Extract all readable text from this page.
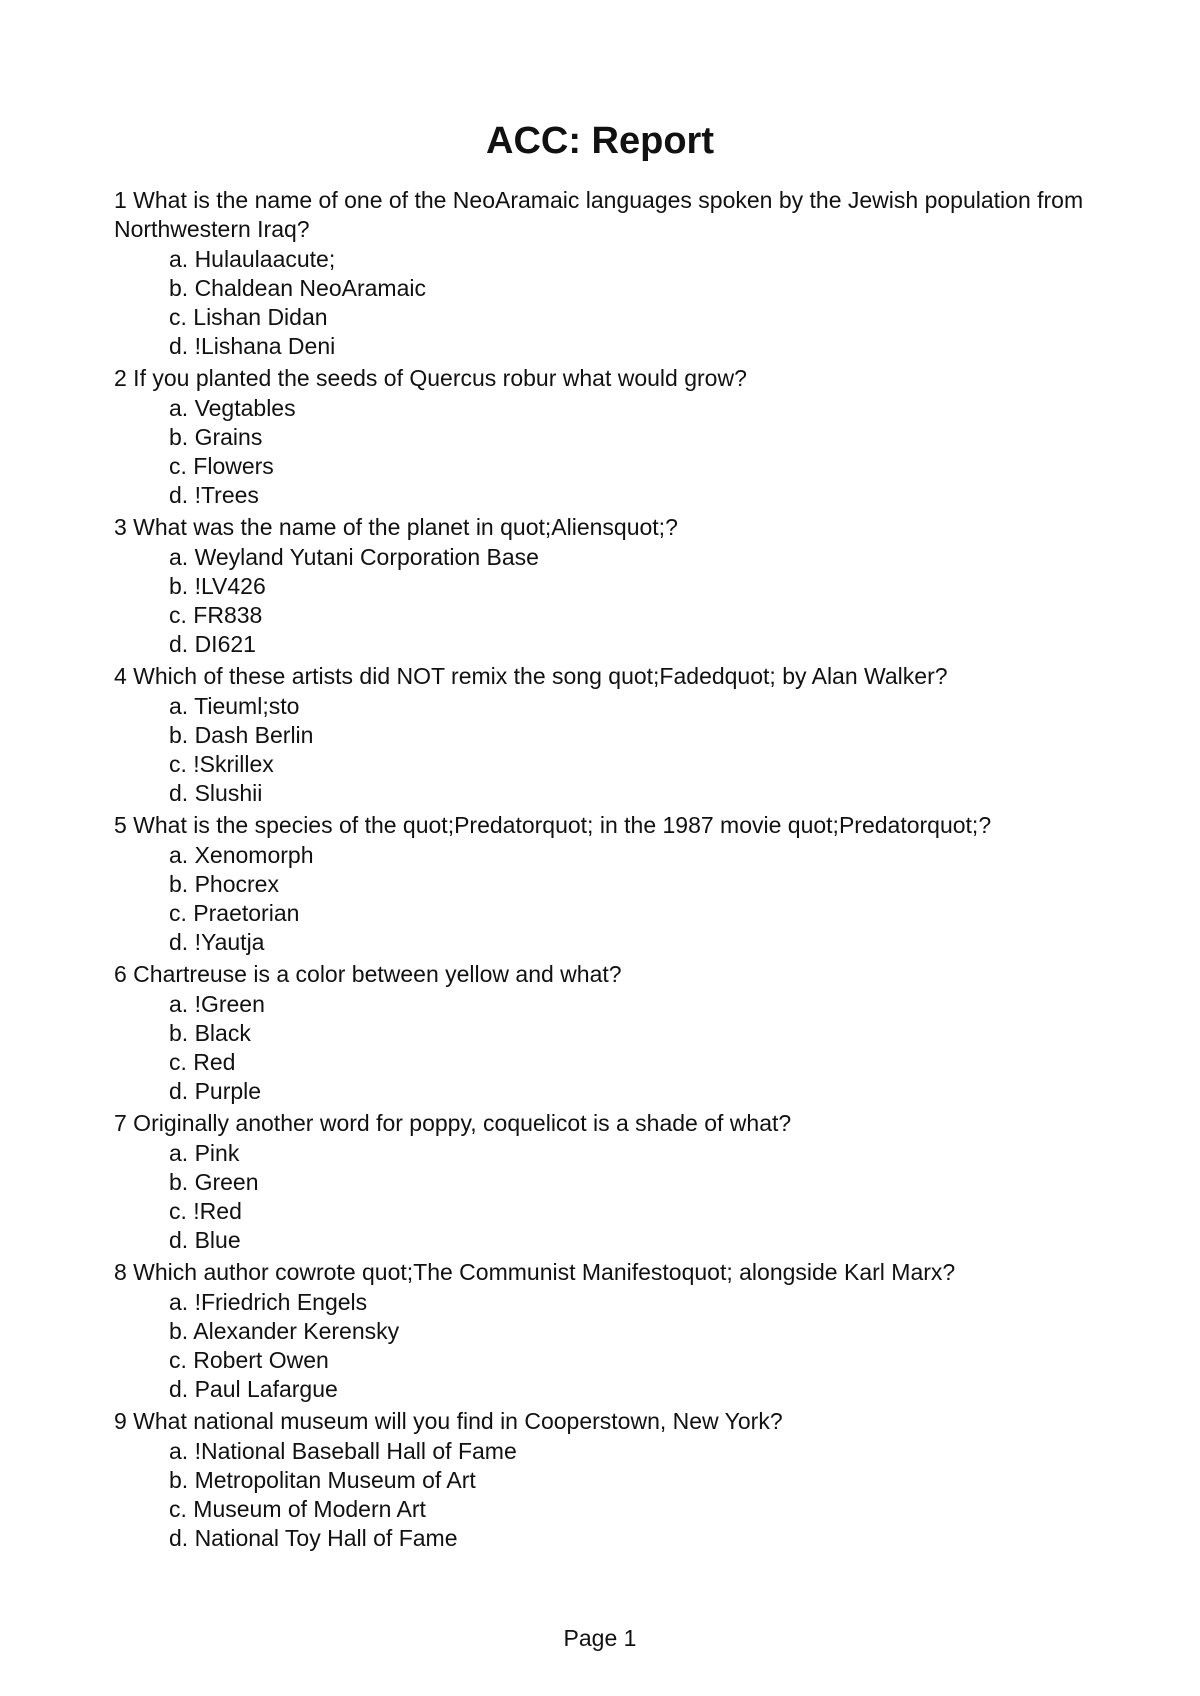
ACC: Report
1 What is the name of one of the NeoAramaic languages spoken by the Jewish population from Northwestern Iraq?
a. Hulaulaacute;
b. Chaldean NeoAramaic
c. Lishan Didan
d. !Lishana Deni
2 If you planted the seeds of Quercus robur what would grow?
a. Vegtables
b. Grains
c. Flowers
d. !Trees
3 What was the name of the planet in quot;Aliensquot;?
a. Weyland Yutani Corporation Base
b. !LV426
c. FR838
d. DI621
4 Which of these artists did NOT remix the song quot;Fadedquot; by Alan Walker?
a. Tieuml;sto
b. Dash Berlin
c. !Skrillex
d. Slushii
5 What is the species of the quot;Predatorquot; in the 1987 movie quot;Predatorquot;?
a. Xenomorph
b. Phocrex
c. Praetorian
d. !Yautja
6 Chartreuse is a color between yellow and what?
a. !Green
b. Black
c. Red
d. Purple
7 Originally another word for poppy, coquelicot is a shade of what?
a. Pink
b. Green
c. !Red
d. Blue
8 Which author cowrote quot;The Communist Manifestoquot; alongside Karl Marx?
a. !Friedrich Engels
b. Alexander Kerensky
c. Robert Owen
d. Paul Lafargue
9 What national museum will you find in Cooperstown, New York?
a. !National Baseball Hall of Fame
b. Metropolitan Museum of Art
c. Museum of Modern Art
d. National Toy Hall of Fame
Page 1
